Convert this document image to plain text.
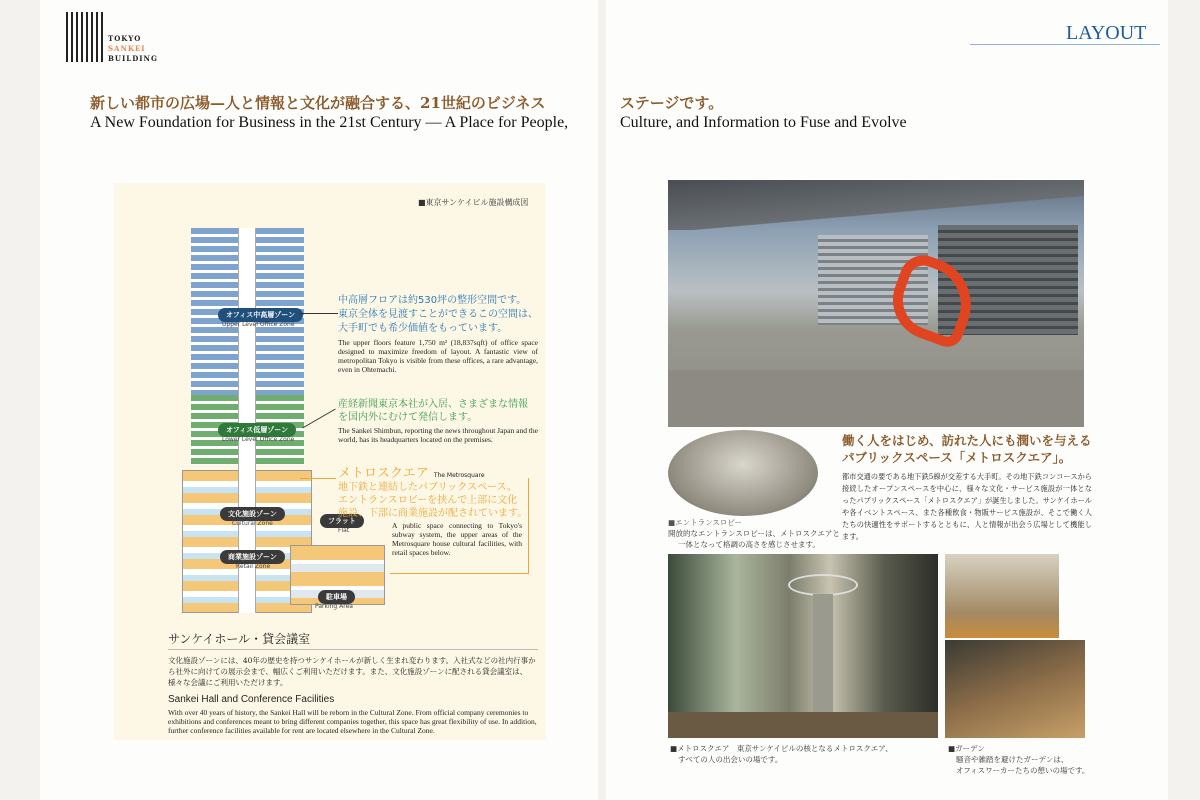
TOKYO
SANKEI
BUILDING
LAYOUT
新しい都市の広場—人と情報と文化が融合する、21世紀のビジネス	ステージです。
A New Foundation for Business in the 21st Century — A Place for People,	Culture, and Information to Fuse and Evolve
■東京サンケイビル施設構成図
オフィス中高層ゾーン
Upper Level Office Zone
オフィス低層ゾーン
Lower Level Office Zone
文化施設ゾーン
Cultural Zone
商業施設ゾーン
Retail Zone
フラット
Flat
駐車場
Parking Area
中高層フロアは約530坪の整形空間です。
東京全体を見渡すことができるこの空間は、
大手町でも希少価値をもっています。
The upper floors feature 1,750 m² (18,837sqft) of office space designed to maximize freedom of layout. A fantastic view of metropolitan Tokyo is visible from these offices, a rare advantage, even in Ohtemachi.
産経新聞東京本社が入居、さまざまな情報
を国内外にむけて発信します。
The Sankei Shimbun, reporting the news throughout Japan and the world, has its headquarters located on the premises.
メトロスクエア The Metrosquare
地下鉄と連結したパブリックスペース。
エントランスロビーを挟んで上部に文化
施設、下部に商業施設が配されています。
A public space connecting to Tokyo's subway system, the upper areas of the Metrosquare house cultural facilities, with retail spaces below.
サンケイホール・貸会議室
文化施設ゾーンには、40年の歴史を持つサンケイホールが新しく生まれ変わります。入社式などの社内行事から社外に向けての展示会まで、幅広くご利用いただけます。また、文化施設ゾーンに配される貸会議室は、様々な会議にご利用いただけます。
Sankei Hall and Conference Facilities
With over 40 years of history, the Sankei Hall will be reborn in the Cultural Zone. From official company ceremonies to exhibitions and conferences meant to bring different companies together, this space has great flexibility of use. In addition, further conference facilities available for rent are located elsewhere in the Cultural Zone.
■エントランスロビー
開放的なエントランスロビーは、メトロスクエアと
一体となって格調の高さを感じさせます。
働く人をはじめ、訪れた人にも潤いを与える
パブリックスペース「メトロスクエア」。
都市交通の要である地下鉄5線が交差する大手町。その地下鉄コンコースから接続したオープンスペースを中心に、様々な文化・サービス施設が一体となったパブリックスペース「メトロスクエア」が誕生しました。サンケイホールや各イベントスペース、また各種飲食・物販サービス施設が、そこで働く人たちの快適性をサポートするとともに、人と情報が出会う広場として機能します。
■メトロスクエア　東京サンケイビルの核となるメトロスクエア、
すべての人の出会いの場です。
■ガーデン
騒音や雑踏を避けたガーデンは、
オフィスワーカーたちの憩いの場です。
